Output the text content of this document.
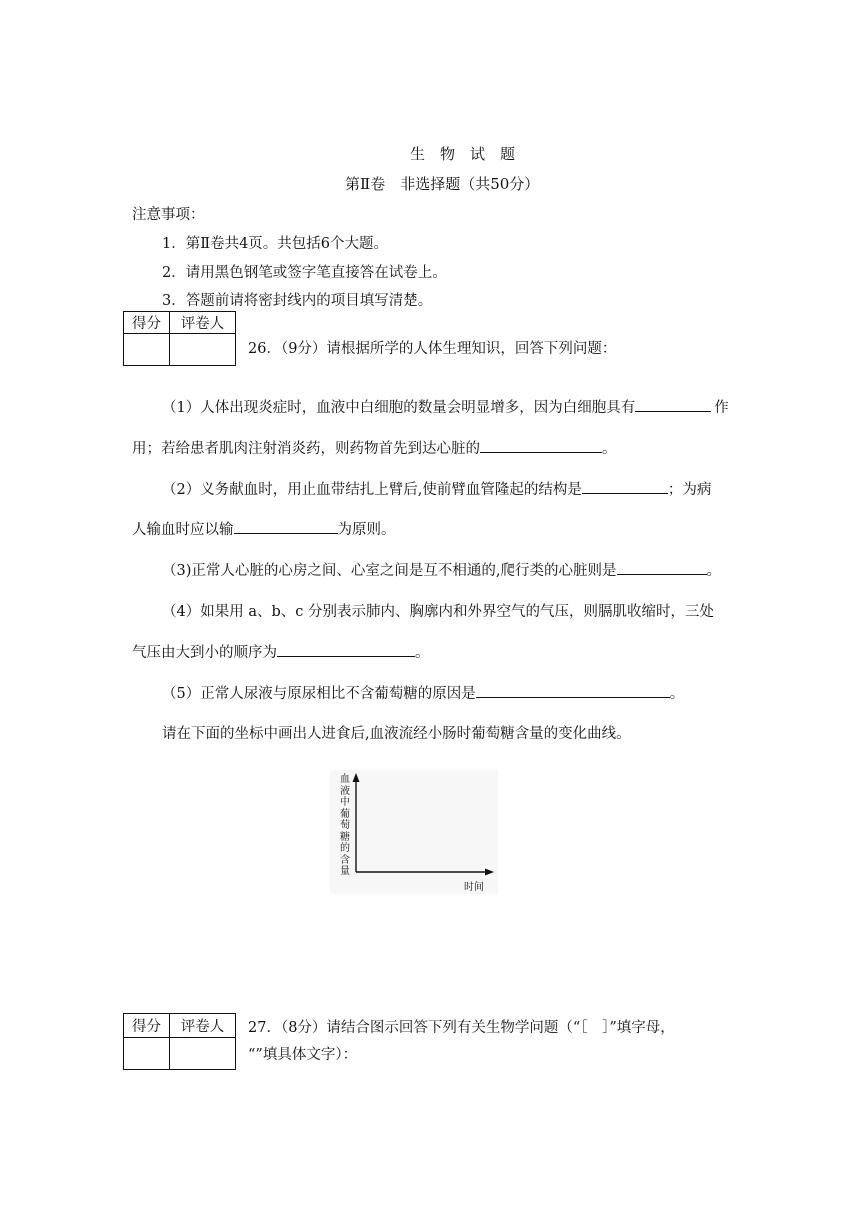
生　物　试　题
第Ⅱ卷　非选择题（共50分）
注意事项：
1．第Ⅱ卷共4页。共包括6个大题。
2．请用黑色钢笔或签字笔直接答在试卷上。
3．答题前请将密封线内的项目填写清楚。
得分	评卷人

26．（9分）请根据所学的人体生理知识，回答下列问题：
（1）人体出现炎症时，血液中白细胞的数量会明显增多，因为白细胞具有	作
用；若给患者肌肉注射消炎药，则药物首先到达心脏的	。
（2）义务献血时，用止血带结扎上臂后,使前臂血管隆起的结构是	；为病
人输血时应以输	为原则。
（3)正常人心脏的心房之间、心室之间是互不相通的,爬行类的心脏则是	。
（4）如果用 a、b、c 分别表示肺内、胸廓内和外界空气的气压，则膈肌收缩时，三处
气压由大到小的顺序为	。
（5）正常人尿液与原尿相比不含葡萄糖的原因是	。
请在下面的坐标中画出人进食后,血液流经小肠时葡萄糖含量的变化曲线。
血液中葡萄糖的含量
时间
得分	评卷人
	27．（8分）请结合图示回答下列有关生物学问题（“［　］”填字母，
“”填具体文字）：
